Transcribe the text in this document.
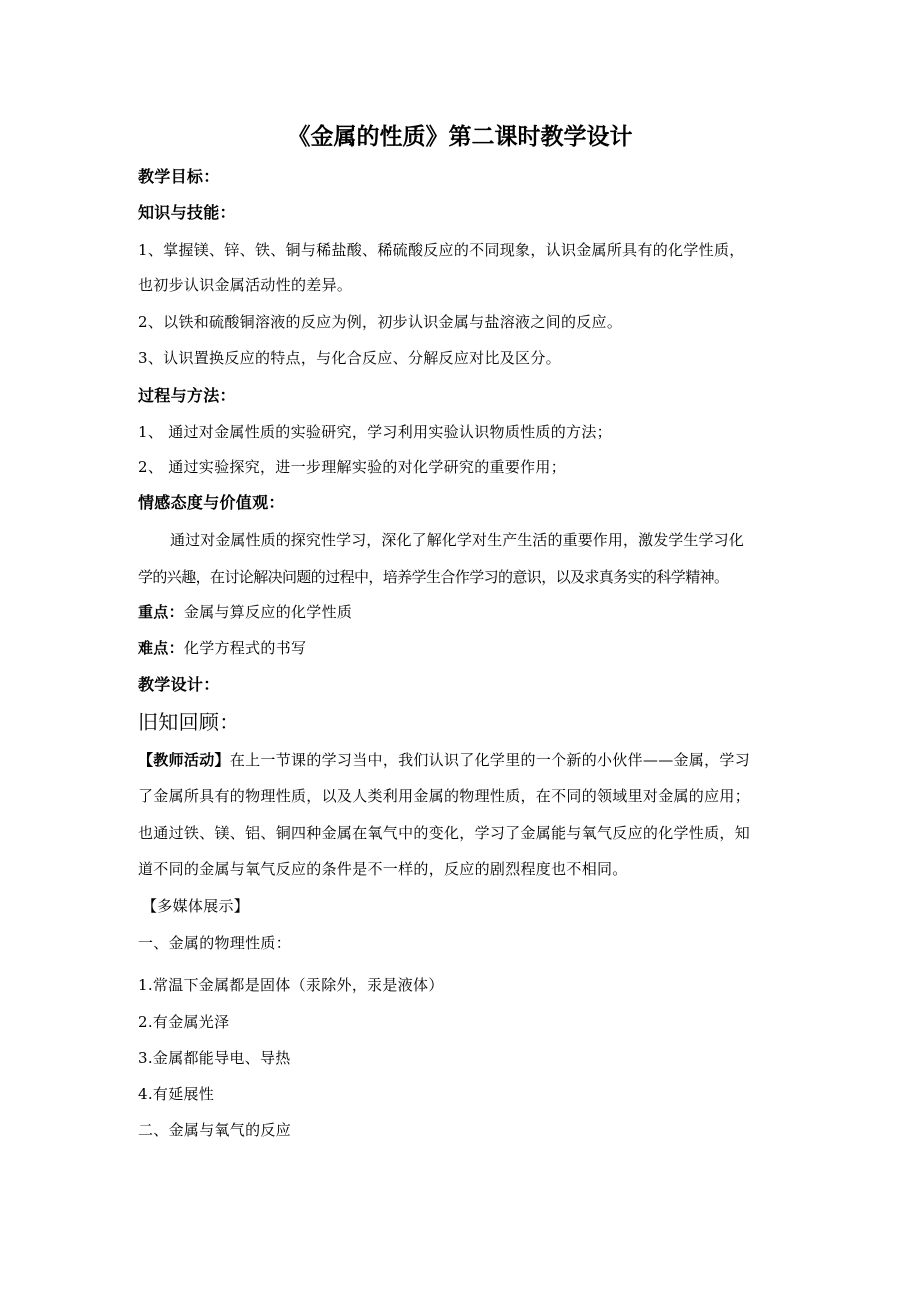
《金属的性质》第二课时教学设计
教学目标：
知识与技能：
1、掌握镁、锌、铁、铜与稀盐酸、稀硫酸反应的不同现象，认识金属所具有的化学性质，
也初步认识金属活动性的差异。
2、以铁和硫酸铜溶液的反应为例，初步认识金属与盐溶液之间的反应。
3、认识置换反应的特点，与化合反应、分解反应对比及区分。
过程与方法：
1、 通过对金属性质的实验研究，学习利用实验认识物质性质的方法；
2、 通过实验探究，进一步理解实验的对化学研究的重要作用；
情感态度与价值观：
通过对金属性质的探究性学习，深化了解化学对生产生活的重要作用，激发学生学习化
学的兴趣，在讨论解决问题的过程中，培养学生合作学习的意识，以及求真务实的科学精神。
重点：金属与算反应的化学性质
难点：化学方程式的书写
教学设计：
旧知回顾：
【教师活动】在上一节课的学习当中，我们认识了化学里的一个新的小伙伴——金属，学习
了金属所具有的物理性质，以及人类利用金属的物理性质，在不同的领域里对金属的应用；
也通过铁、镁、铝、铜四种金属在氧气中的变化，学习了金属能与氧气反应的化学性质，知
道不同的金属与氧气反应的条件是不一样的，反应的剧烈程度也不相同。
【多媒体展示】
一、金属的物理性质：
1.常温下金属都是固体（汞除外，汞是液体）
2.有金属光泽
3.金属都能导电、导热
4.有延展性
二、金属与氧气的反应
